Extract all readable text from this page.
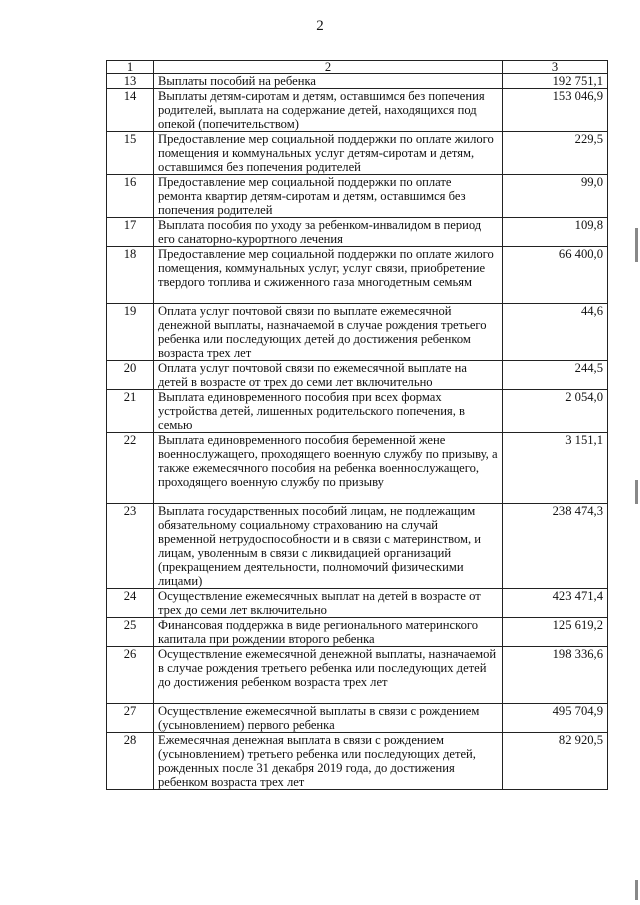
2
1	2	3
13	Выплаты пособий на ребенка	192 751,1
14	Выплаты детям-сиротам и детям, оставшимся без попечения родителей, выплата на содержание детей, находящихся под опекой (попечительством)	153 046,9
15	Предоставление мер социальной поддержки по оплате жилого помещения и коммунальных услуг детям-сиротам и детям, оставшимся без попечения родителей	229,5
16	Предоставление мер социальной поддержки по оплате ремонта квартир детям-сиротам и детям, оставшимся без попечения родителей	99,0
17	Выплата пособия по уходу за ребенком-инвалидом в период его санаторно-курортного лечения	109,8
18	Предоставление мер социальной поддержки по оплате жилого помещения, коммунальных услуг, услуг связи, приобретение твердого топлива и сжиженного газа многодетным семьям	66 400,0
19	Оплата услуг почтовой связи по выплате ежемесячной денежной выплаты, назначаемой в случае рождения третьего ребенка или последующих детей до достижения ребенком возраста трех лет	44,6
20	Оплата услуг почтовой связи по ежемесячной выплате на детей в возрасте от трех до семи лет включительно	244,5
21	Выплата единовременного пособия при всех формах устройства детей, лишенных родительского попечения, в семью	2 054,0
22	Выплата единовременного пособия беременной жене военнослужащего, проходящего военную службу по призыву, а также ежемесячного пособия на ребенка военнослужащего, проходящего военную службу по призыву	3 151,1
23	Выплата государственных пособий лицам, не подлежащим обязательному социальному страхованию на случай временной нетрудоспособности и в связи с материнством, и лицам, уволенным в связи с ликвидацией организаций (прекращением деятельности, полномочий физическими лицами)	238 474,3
24	Осуществление ежемесячных выплат на детей в возрасте от трех до семи лет включительно	423 471,4
25	Финансовая поддержка в виде регионального материнского капитала при рождении второго ребенка	125 619,2
26	Осуществление ежемесячной денежной выплаты, назначаемой в случае рождения третьего ребенка или последующих детей до достижения ребенком возраста трех лет	198 336,6
27	Осуществление ежемесячной выплаты в связи с рождением (усыновлением) первого ребенка	495 704,9
28	Ежемесячная денежная выплата в связи с рождением (усыновлением) третьего ребенка или последующих детей, рожденных после 31 декабря 2019 года, до достижения ребенком возраста трех лет	82 920,5
